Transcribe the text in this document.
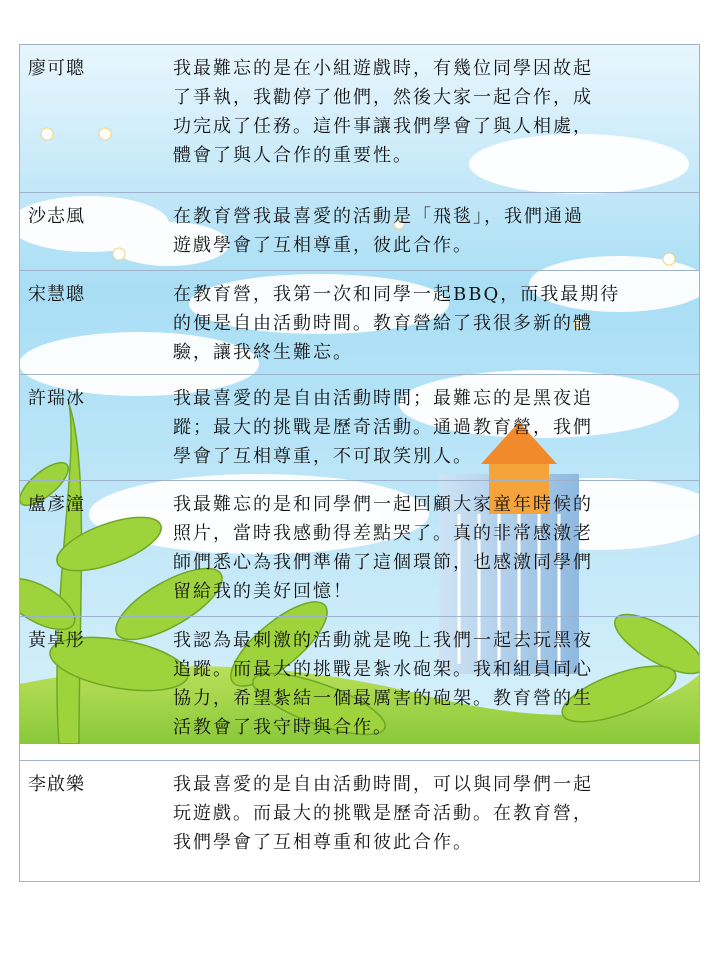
廖可聰	我最難忘的是在小組遊戲時，有幾位同學因故起
了爭執，我勸停了他們，然後大家一起合作，成
功完成了任務。這件事讓我們學會了與人相處，
體會了與人合作的重要性。
沙志風	在教育營我最喜愛的活動是「飛毯」，我們通過
遊戲學會了互相尊重，彼此合作。
宋慧聰	在教育營，我第一次和同學一起BBQ，而我最期待
的便是自由活動時間。教育營給了我很多新的體
驗，讓我終生難忘。
許瑞冰	我最喜愛的是自由活動時間；最難忘的是黑夜追
蹤；最大的挑戰是歷奇活動。通過教育營，我們
學會了互相尊重，不可取笑別人。
盧彥潼	我最難忘的是和同學們一起回顧大家童年時候的
照片，當時我感動得差點哭了。真的非常感激老
師們悉心為我們準備了這個環節，也感激同學們
留給我的美好回憶！
黃卓彤	我認為最刺激的活動就是晚上我們一起去玩黑夜
追蹤。而最大的挑戰是紮水砲架。我和組員同心
協力，希望紮結一個最厲害的砲架。教育營的生
活教會了我守時與合作。
李啟樂	我最喜愛的是自由活動時間，可以與同學們一起
玩遊戲。而最大的挑戰是歷奇活動。在教育營，
我們學會了互相尊重和彼此合作。
